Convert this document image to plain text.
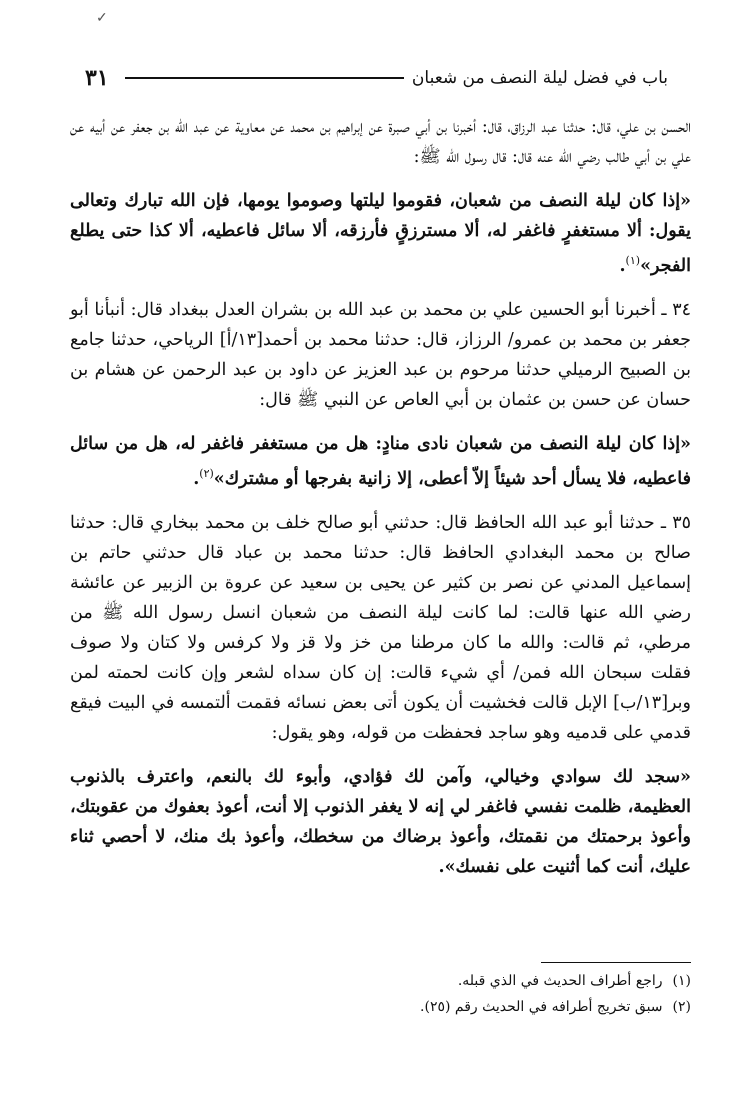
✓
٣١	باب في فضل ليلة النصف من شعبان

الحسن بن علي، قال: حدثنا عبد الرزاق، قال: أخبرنا بن أبي صبرة عن إبراهيم بن محمد عن معاوية عن عبد الله بن جعفر عن أبيه عن علي بن أبي طالب رضي الله عنه قال: قال رسول الله ﷺ:

«إذا كان ليلة النصف من شعبان، فقوموا ليلتها وصوموا يومها، فإن الله تبارك وتعالى يقول: ألا مستغفرٍ فاغفر له، ألا مسترزقٍ فأرزقه، ألا سائل فاعطيه، ألا كذا حتى يطلع الفجر»$^{(١)}$.

٣٤ ـ أخبرنا أبو الحسين علي بن محمد بن عبد الله بن بشران العدل ببغداد قال: أنبأنا أبو جعفر بن محمد بن عمرو/ الرزاز، قال: حدثنا محمد بن أحمد[١٣/أ] الرياحي، حدثنا جامع بن الصبيح الرميلي حدثنا مرحوم بن عبد العزيز عن داود بن عبد الرحمن عن هشام بن حسان عن حسن بن عثمان بن أبي العاص عن النبي ﷺ قال:

«إذا كان ليلة النصف من شعبان نادى منادٍ: هل من مستغفر فاغفر له، هل من سائل فاعطيه، فلا يسأل أحد شيئاً إلاّ أعطى، إلا زانية بفرجها أو مشترك»$^{(٢)}$.

٣٥ ـ حدثنا أبو عبد الله الحافظ قال: حدثني أبو صالح خلف بن محمد ببخاري قال: حدثنا صالح بن محمد البغدادي الحافظ قال: حدثنا محمد بن عباد قال حدثني حاتم بن إسماعيل المدني عن نصر بن كثير عن يحيى بن سعيد عن عروة بن الزبير عن عائشة رضي الله عنها قالت: لما كانت ليلة النصف من شعبان انسل رسول الله ﷺ من مرطي، ثم قالت: والله ما كان مرطنا من خز ولا قز ولا كرفس ولا كتان ولا صوف فقلت سبحان الله فمن/ أي شيء قالت: إن كان سداه لشعر وإن كانت لحمته لمن وبر[١٣/ب] الإبل قالت فخشيت أن يكون أتى بعض نسائه فقمت ألتمسه في البيت فيقع قدمي على قدميه وهو ساجد فحفظت من قوله، وهو يقول:

«سجد لك سوادي وخيالي، وآمن لك فؤادي، وأبوء لك بالنعم، واعترف بالذنوب العظيمة، ظلمت نفسي فاغفر لي إنه لا يغفر الذنوب إلا أنت، أعوذ بعفوك من عقوبتك، وأعوذ برحمتك من نقمتك، وأعوذ برضاك من سخطك، وأعوذ بك منك، لا أحصي ثناء عليك، أنت كما أثنيت على نفسك».

(١)راجع أطراف الحديث في الذي قبله.

(٢)سبق تخريج أطرافه في الحديث رقم (٢٥).
